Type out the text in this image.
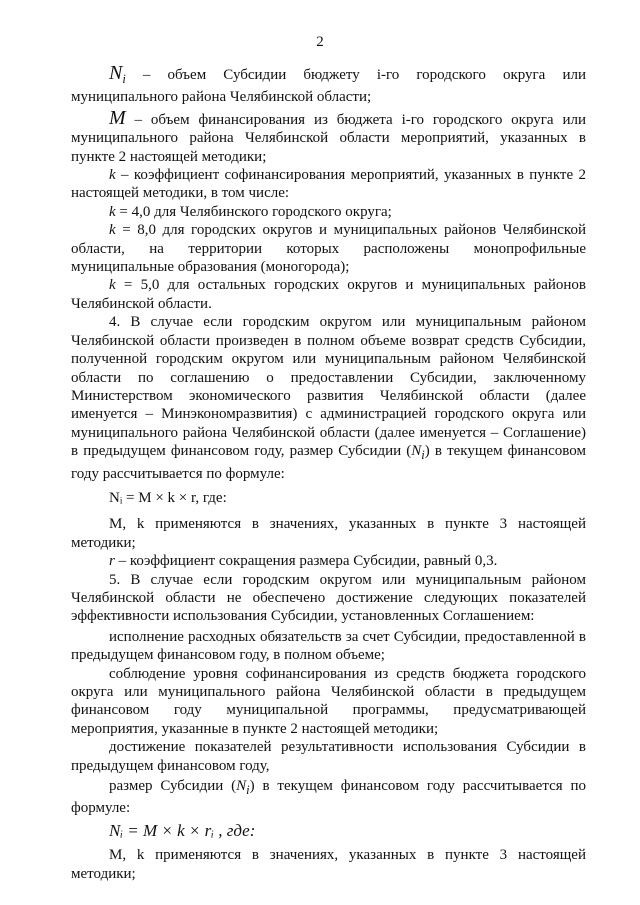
2

$N_i$ – объем Субсидии бюджету i-го городского округа или муниципального района Челябинской области;

M – объем финансирования из бюджета i-го городского округа или муниципального района Челябинской области мероприятий, указанных в пункте 2 настоящей методики;

k – коэффициент софинансирования мероприятий, указанных в пункте 2 настоящей методики, в том числе:

k = 4,0 для Челябинского городского округа;

k = 8,0 для городских округов и муниципальных районов Челябинской области, на территории которых расположены монопрофильные муниципальные образования (моногорода);

k = 5,0 для остальных городских округов и муниципальных районов Челябинской области.

4. В случае если городским округом или муниципальным районом Челябинской области произведен в полном объеме возврат средств Субсидии, полученной городским округом или муниципальным районом Челябинской области по соглашению о предоставлении Субсидии, заключенному Министерством экономического развития Челябинской области (далее именуется – Минэкономразвития) с администрацией городского округа или муниципального района Челябинской области (далее именуется – Соглашение) в предыдущем финансовом году, размер Субсидии $(N_i)$ в текущем финансовом году рассчитывается по формуле:

Nᵢ = M × k × r, где:

M, k применяются в значениях, указанных в пункте 3 настоящей методики;

r – коэффициент сокращения размера Субсидии, равный 0,3.

5. В случае если городским округом или муниципальным районом Челябинской области не обеспечено достижение следующих показателей эффективности использования Субсидии, установленных Соглашением:

исполнение расходных обязательств за счет Субсидии, предоставленной в предыдущем финансовом году, в полном объеме;

соблюдение уровня софинансирования из средств бюджета городского округа или муниципального района Челябинской области в предыдущем финансовом году муниципальной программы, предусматривающей мероприятия, указанные в пункте 2 настоящей методики;

достижение показателей результативности использования Субсидии в предыдущем финансовом году,

размер Субсидии $(N_i)$ в текущем финансовом году рассчитывается по формуле:

Nᵢ = M × k × rᵢ , где:

M, k применяются в значениях, указанных в пункте 3 настоящей методики;
